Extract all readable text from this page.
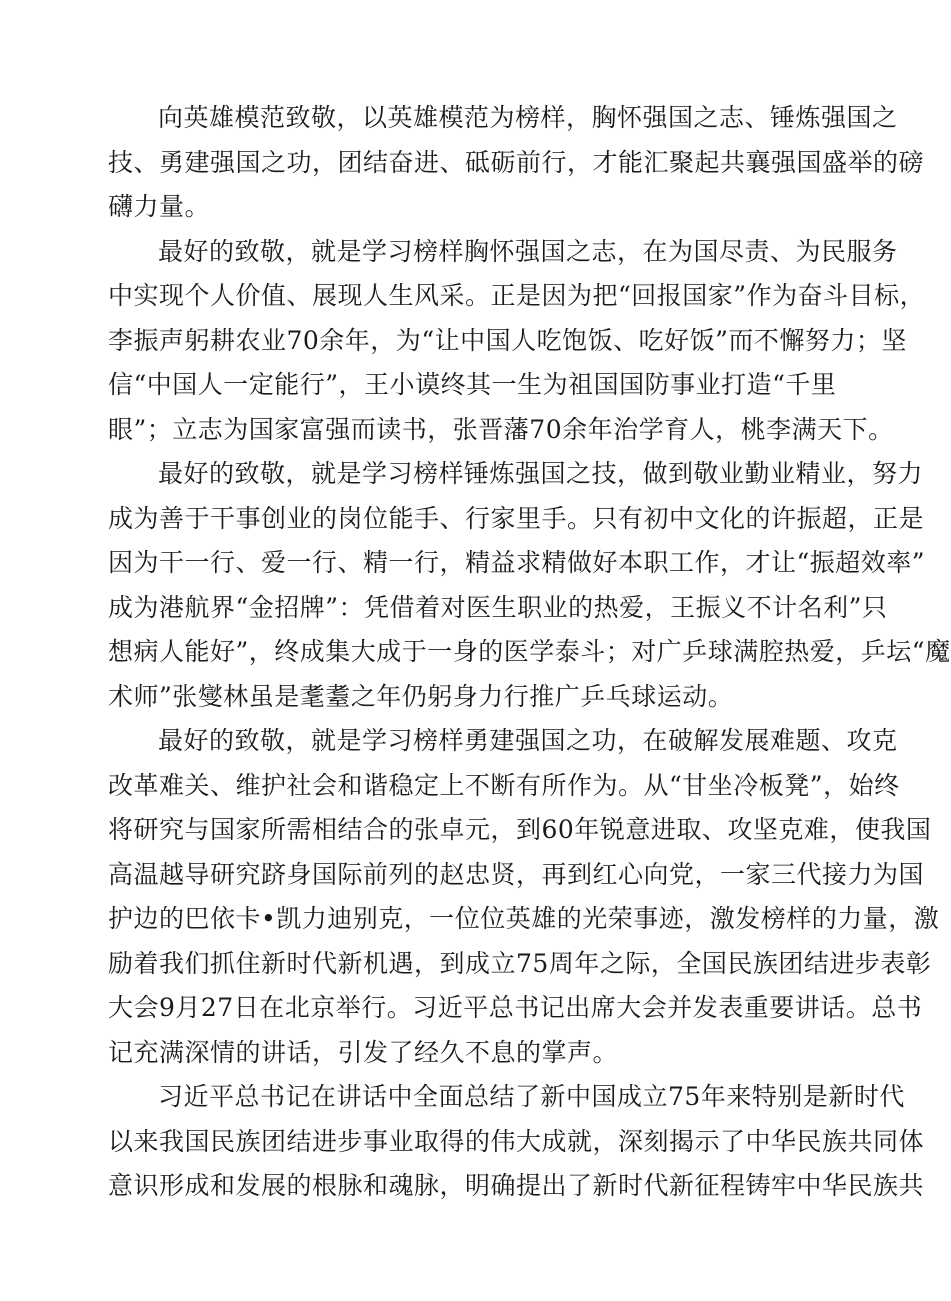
向英雄模范致敬，以英雄模范为榜样，胸怀强国之志、锤炼强国之
技、勇建强国之功，团结奋进、砥砺前行，才能汇聚起共襄强国盛举的磅
礴力量。
最好的致敬，就是学习榜样胸怀强国之志，在为国尽责、为民服务
中实现个人价值、展现人生风采。正是因为把“回报国家”作为奋斗目标，
李振声躬耕农业70余年，为“让中国人吃饱饭、吃好饭”而不懈努力；坚
信“中国人一定能行”，王小谟终其一生为祖国国防事业打造“千里
眼”；立志为国家富强而读书，张晋藩70余年治学育人，桃李满天下。
最好的致敬，就是学习榜样锤炼强国之技，做到敬业勤业精业，努力
成为善于干事创业的岗位能手、行家里手。只有初中文化的许振超，正是
因为干一行、爱一行、精一行，精益求精做好本职工作，才让“振超效率”
成为港航界“金招牌”：凭借着对医生职业的热爱，王振义不计名利”只
想病人能好”，终成集大成于一身的医学泰斗；对广乒球满腔热爱，乒坛“魔
术师”张燮林虽是耄耋之年仍躬身力行推广乒乓球运动。
最好的致敬，就是学习榜样勇建强国之功，在破解发展难题、攻克
改革难关、维护社会和谐稳定上不断有所作为。从“甘坐冷板凳”，始终
将研究与国家所需相结合的张卓元，到60年锐意进取、攻坚克难，使我国
高温越导研究跻身国际前列的赵忠贤，再到红心向党，一家三代接力为国
护边的巴依卡•凯力迪别克，一位位英雄的光荣事迹，激发榜样的力量，激
励着我们抓住新时代新机遇，到成立75周年之际，全国民族团结进步表彰
大会9月27日在北京举行。习近平总书记出席大会并发表重要讲话。总书
记充满深情的讲话，引发了经久不息的掌声。
习近平总书记在讲话中全面总结了新中国成立75年来特别是新时代
以来我国民族团结进步事业取得的伟大成就，深刻揭示了中华民族共同体
意识形成和发展的根脉和魂脉，明确提出了新时代新征程铸牢中华民族共
